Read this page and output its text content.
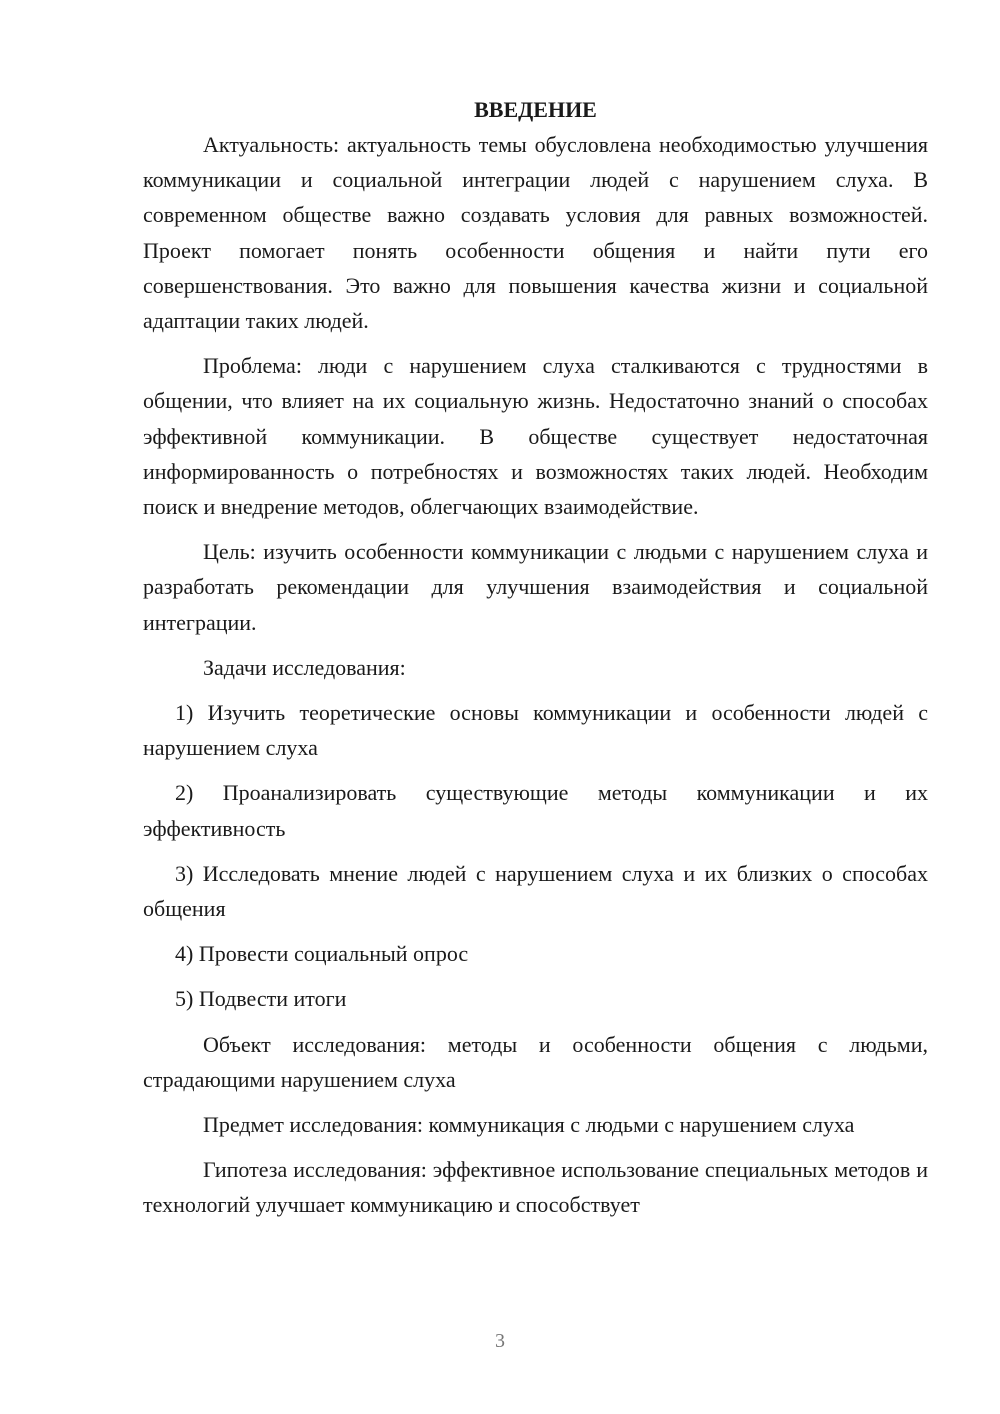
ВВЕДЕНИЕ

Актуальность: актуальность темы обусловлена необходимостью улучшения коммуникации и социальной интеграции людей с нарушением слуха. В современном обществе важно создавать условия для равных возможностей. Проект помогает понять особенности общения и найти пути его совершенствования. Это важно для повышения качества жизни и социальной адаптации таких людей.

Проблема: люди с нарушением слуха сталкиваются с трудностями в общении, что влияет на их социальную жизнь. Недостаточно знаний о способах эффективной коммуникации. В обществе существует недостаточная информированность о потребностях и возможностях таких людей. Необходим поиск и внедрение методов, облегчающих взаимодействие.

Цель: изучить особенности коммуникации с людьми с нарушением слуха и разработать рекомендации для улучшения взаимодействия и социальной интеграции.

Задачи исследования:

1) Изучить теоретические основы коммуникации и особенности людей с нарушением слуха

2) Проанализировать существующие методы коммуникации и их эффективность

3) Исследовать мнение людей с нарушением слуха и их близких о способах общения

4) Провести социальный опрос

5) Подвести итоги

Объект исследования: методы и особенности общения с людьми, страдающими нарушением слуха

Предмет исследования: коммуникация с людьми с нарушением слуха

Гипотеза исследования: эффективное использование специальных методов и технологий улучшает коммуникацию и способствует

3
